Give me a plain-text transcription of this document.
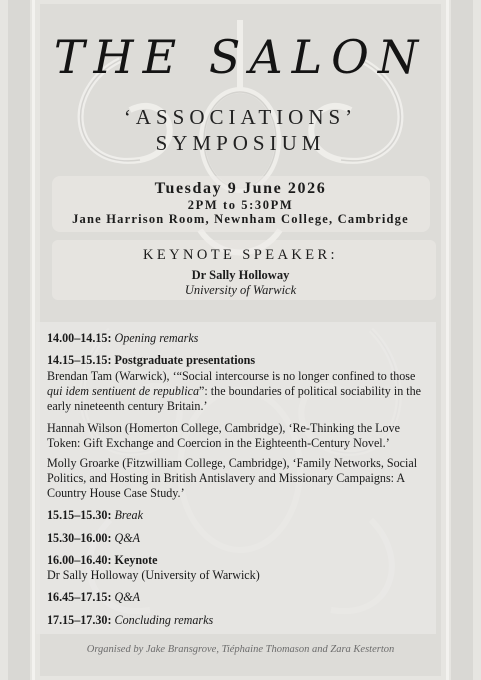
THE SALON
‘ASSOCIATIONS’
SYMPOSIUM
Tuesday 9 June 2026
2PM to 5:30PM
Jane Harrison Room, Newnham College, Cambridge
KEYNOTE SPEAKER:
Dr Sally Holloway
University of Warwick
14.00–14.15: Opening remarks
14.15–15.15: Postgraduate presentations
Brendan Tam (Warwick), ‘“Social intercourse is no longer confined to those
qui idem sentiuent de republica”: the boundaries of political sociability in the
early nineteenth century Britain.’
Hannah Wilson (Homerton College, Cambridge), ‘Re-Thinking the Love
Token: Gift Exchange and Coercion in the Eighteenth-Century Novel.’
Molly Groarke (Fitzwilliam College, Cambridge), ‘Family Networks, Social
Politics, and Hosting in British Antislavery and Missionary Campaigns: A
Country House Case Study.’
15.15–15.30: Break
15.30–16.00: Q&A
16.00–16.40: Keynote
Dr Sally Holloway (University of Warwick)
16.45–17.15: Q&A
17.15–17.30: Concluding remarks
Organised by Jake Bransgrove, Tiéphaine Thomason and Zara Kesterton
